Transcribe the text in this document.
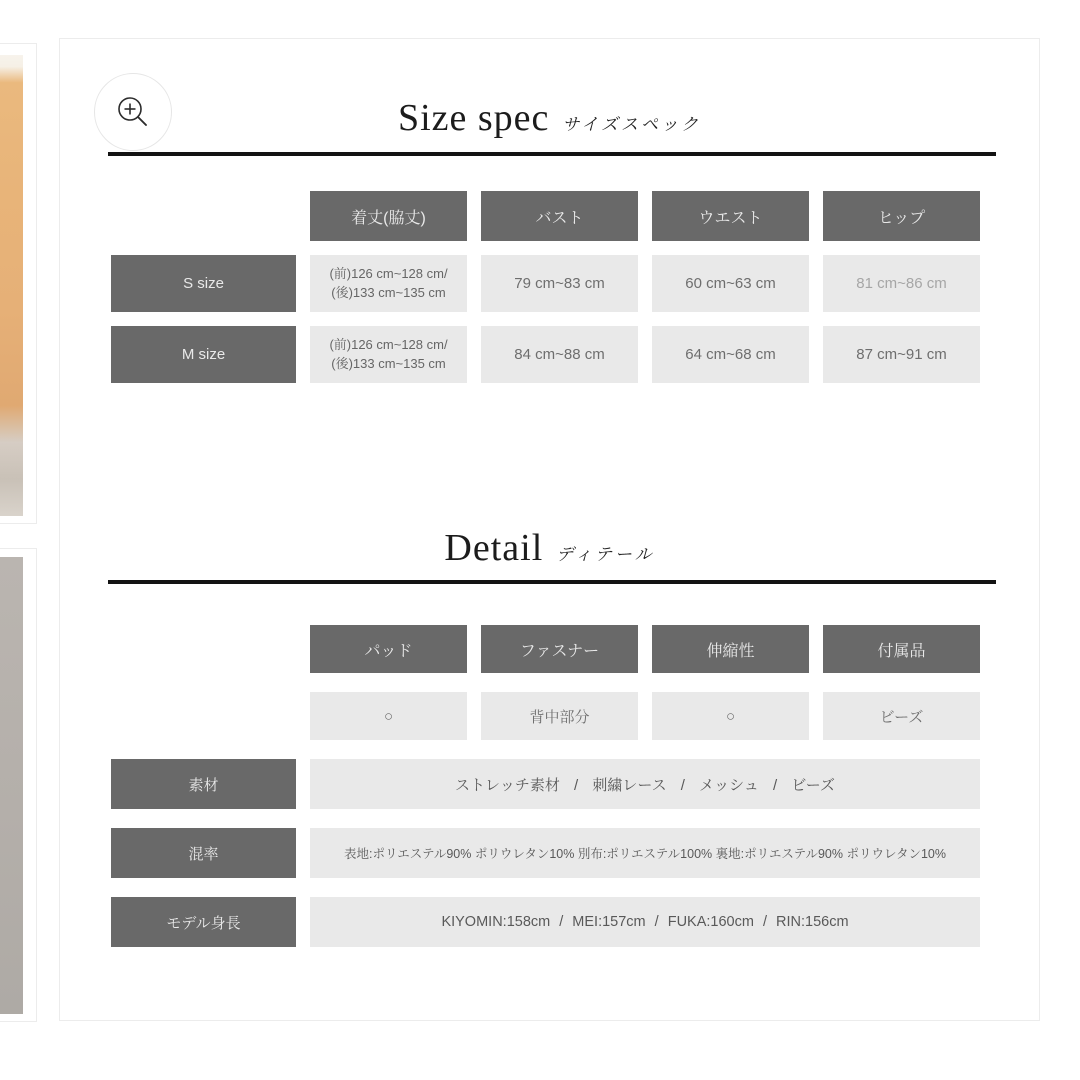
Size spec サイズスペック
着丈(脇丈)	バスト	ウエスト	ヒップ
S size
(前)126 cm~128 cm/
(後)133 cm~135 cm	79 cm~83 cm	60 cm~63 cm	81 cm~86 cm
M size
(前)126 cm~128 cm/
(後)133 cm~135 cm	84 cm~88 cm	64 cm~68 cm	87 cm~91 cm
Detail ディテール
パッド	ファスナー	伸縮性	付属品
○	背中部分	○	ビーズ
素材	ストレッチ素材 / 刺繍レース / メッシュ / ビーズ
混率	表地:ポリエステル90% ポリウレタン10% 別布:ポリエステル100% 裏地:ポリエステル90% ポリウレタン10%
モデル身長	KIYOMIN:158cm / MEI:157cm / FUKA:160cm / RIN:156cm
